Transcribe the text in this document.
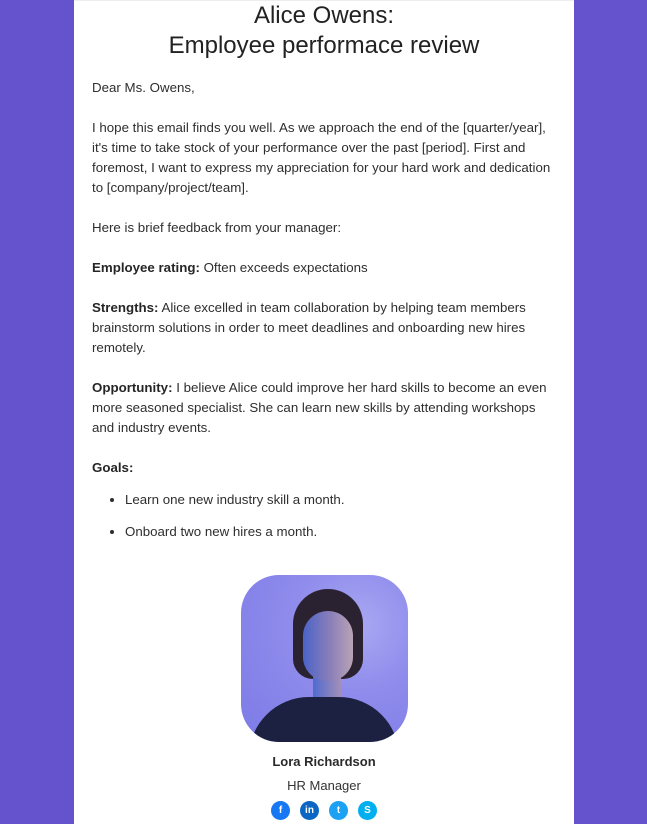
Alice Owens:
Employee performace review

Dear Ms. Owens,

I hope this email finds you well. As we approach the end of the [quarter/year], it's time to take stock of your performance over the past [period]. First and foremost, I want to express my appreciation for your hard work and dedication to [company/project/team].

Here is brief feedback from your manager:

Employee rating: Often exceeds expectations

Strengths: Alice excelled in team collaboration by helping team members brainstorm solutions in order to meet deadlines and onboarding new hires remotely.

Opportunity: I believe Alice could improve her hard skills to become an even more seasoned specialist. She can learn new skills by attending workshops and industry events.

Goals:

• Learn one new industry skill a month.
• Onboard two new hires a month.
Lora Richardson
HR Manager
f	in	t	S
